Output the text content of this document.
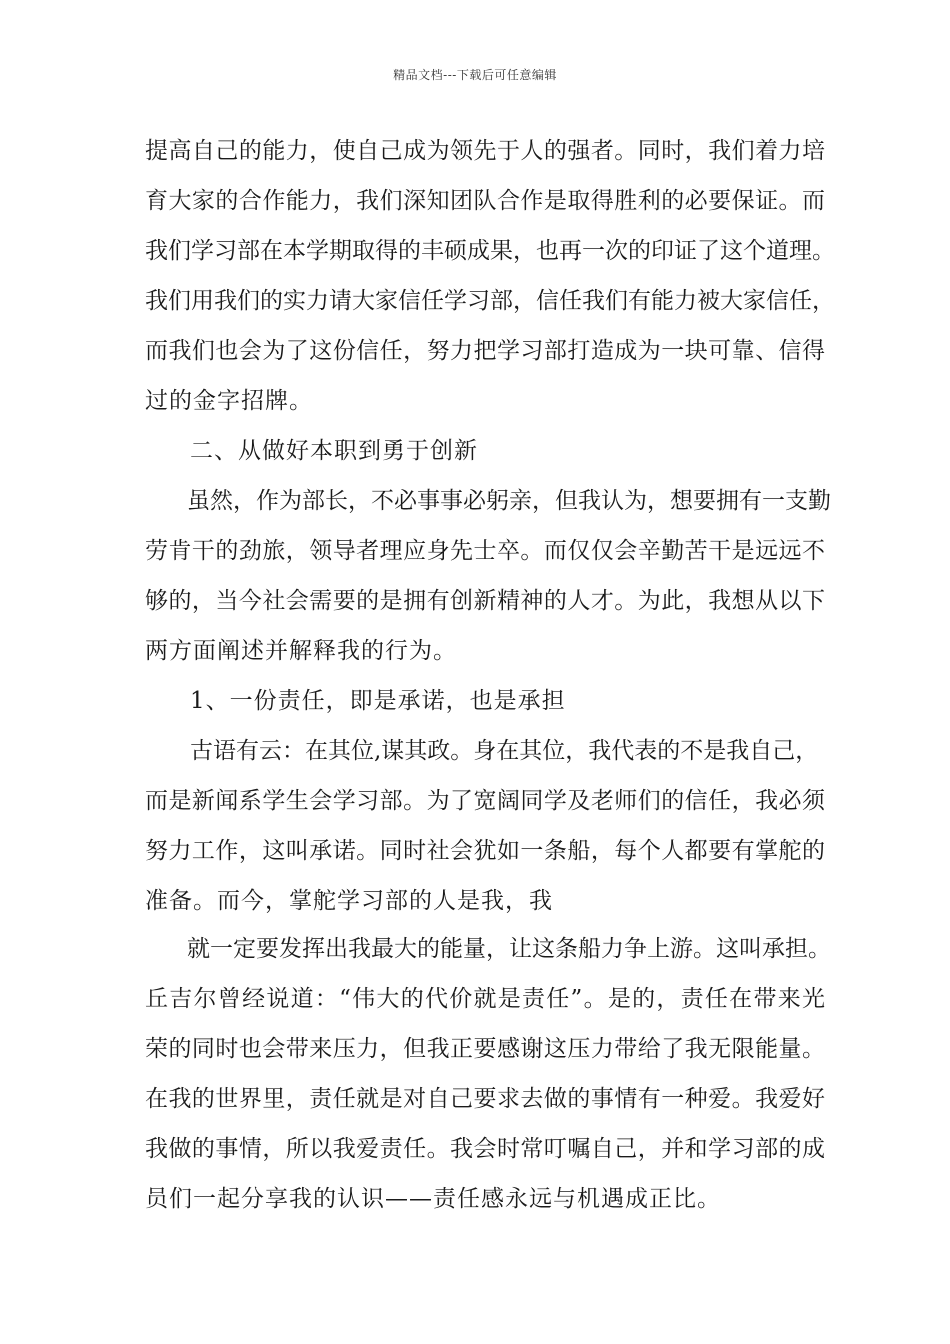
精品文档---下载后可任意编辑
提高自己的能力，使自己成为领先于人的强者。同时，我们着力培
育大家的合作能力，我们深知团队合作是取得胜利的必要保证。而
我们学习部在本学期取得的丰硕成果，也再一次的印证了这个道理。
我们用我们的实力请大家信任学习部，信任我们有能力被大家信任，
而我们也会为了这份信任，努力把学习部打造成为一块可靠、信得
过的金字招牌。
二、从做好本职到勇于创新
虽然，作为部长，不必事事必躬亲，但我认为，想要拥有一支勤
劳肯干的劲旅，领导者理应身先士卒。而仅仅会辛勤苦干是远远不
够的，当今社会需要的是拥有创新精神的人才。为此，我想从以下
两方面阐述并解释我的行为。
1、一份责任，即是承诺，也是承担
古语有云：在其位,谋其政。身在其位，我代表的不是我自己，
而是新闻系学生会学习部。为了宽阔同学及老师们的信任，我必须
努力工作，这叫承诺。同时社会犹如一条船，每个人都要有掌舵的
准备。而今，掌舵学习部的人是我，我
就一定要发挥出我最大的能量，让这条船力争上游。这叫承担。
丘吉尔曾经说道：“伟大的代价就是责任”。是的，责任在带来光
荣的同时也会带来压力，但我正要感谢这压力带给了我无限能量。
在我的世界里，责任就是对自己要求去做的事情有一种爱。我爱好
我做的事情，所以我爱责任。我会时常叮嘱自己，并和学习部的成
员们一起分享我的认识——责任感永远与机遇成正比。
